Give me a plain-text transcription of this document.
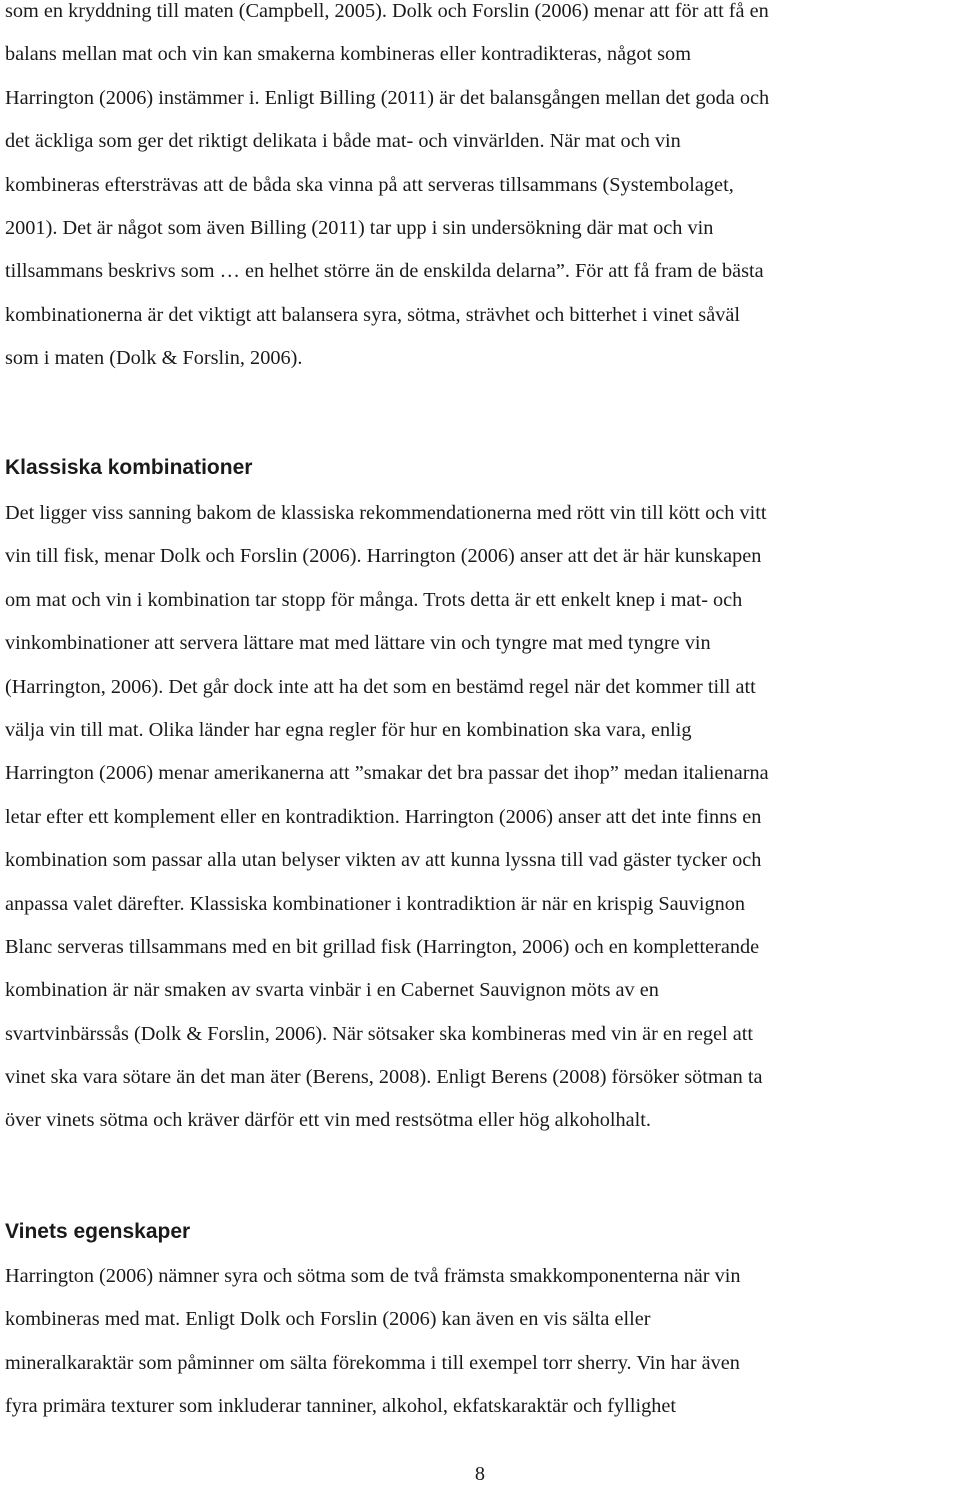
som en kryddning till maten (Campbell, 2005). Dolk och Forslin (2006) menar att för att få en
balans mellan mat och vin kan smakerna kombineras eller kontradikteras, något som
Harrington (2006) instämmer i. Enligt Billing (2011) är det balansgången mellan det goda och
det äckliga som ger det riktigt delikata i både mat- och vinvärlden. När mat och vin
kombineras eftersträvas att de båda ska vinna på att serveras tillsammans (Systembolaget,
2001). Det är något som även Billing (2011) tar upp i sin undersökning där mat och vin
tillsammans beskrivs som … en helhet större än de enskilda delarna”. För att få fram de bästa
kombinationerna är det viktigt att balansera syra, sötma, strävhet och bitterhet i vinet såväl
som i maten (Dolk & Forslin, 2006).

Klassiska kombinationer

Det ligger viss sanning bakom de klassiska rekommendationerna med rött vin till kött och vitt
vin till fisk, menar Dolk och Forslin (2006). Harrington (2006) anser att det är här kunskapen
om mat och vin i kombination tar stopp för många. Trots detta är ett enkelt knep i mat- och
vinkombinationer att servera lättare mat med lättare vin och tyngre mat med tyngre vin
(Harrington, 2006). Det går dock inte att ha det som en bestämd regel när det kommer till att
välja vin till mat. Olika länder har egna regler för hur en kombination ska vara, enlig
Harrington (2006) menar amerikanerna att ”smakar det bra passar det ihop” medan italienarna
letar efter ett komplement eller en kontradiktion. Harrington (2006) anser att det inte finns en
kombination som passar alla utan belyser vikten av att kunna lyssna till vad gäster tycker och
anpassa valet därefter. Klassiska kombinationer i kontradiktion är när en krispig Sauvignon
Blanc serveras tillsammans med en bit grillad fisk (Harrington, 2006) och en kompletterande
kombination är när smaken av svarta vinbär i en Cabernet Sauvignon möts av en
svartvinbärssås (Dolk & Forslin, 2006). När sötsaker ska kombineras med vin är en regel att
vinet ska vara sötare än det man äter (Berens, 2008). Enligt Berens (2008) försöker sötman ta
över vinets sötma och kräver därför ett vin med restsötma eller hög alkoholhalt.

Vinets egenskaper

Harrington (2006) nämner syra och sötma som de två främsta smakkomponenterna när vin
kombineras med mat. Enligt Dolk och Forslin (2006) kan även en vis sälta eller
mineralkaraktär som påminner om sälta förekomma i till exempel torr sherry. Vin har även
fyra primära texturer som inkluderar tanniner, alkohol, ekfatskaraktär och fyllighet

8
